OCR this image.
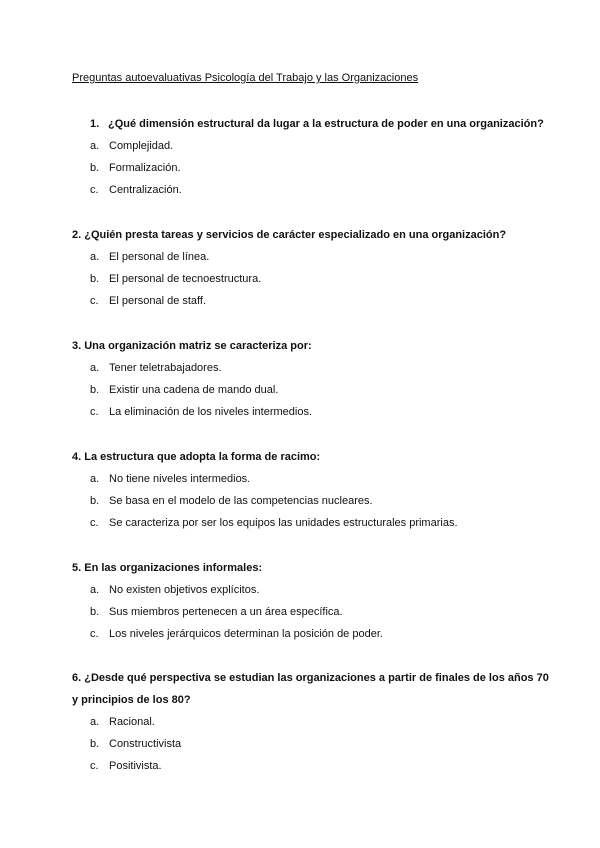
Preguntas autoevaluativas Psicología del Trabajo y las Organizaciones
1. ¿Qué dimensión estructural da lugar a la estructura de poder en una organización?
a. Complejidad.
b. Formalización.
c. Centralización.
2. ¿Quién presta tareas y servicios de carácter especializado en una organización?
a. El personal de línea.
b. El personal de tecnoestructura.
c. El personal de staff.
3. Una organización matriz se caracteriza por:
a. Tener teletrabajadores.
b. Existir una cadena de mando dual.
c. La eliminación de los niveles intermedios.
4. La estructura que adopta la forma de racimo:
a. No tiene niveles intermedios.
b. Se basa en el modelo de las competencias nucleares.
c. Se caracteriza por ser los equipos las unidades estructurales primarias.
5. En las organizaciones informales:
a. No existen objetivos explícitos.
b. Sus miembros pertenecen a un área específica.
c. Los niveles jerárquicos determinan la posición de poder.
6. ¿Desde qué perspectiva se estudian las organizaciones a partir de finales de los años 70
y principios de los 80?
a. Racional.
b. Constructivista
c. Positivista.
